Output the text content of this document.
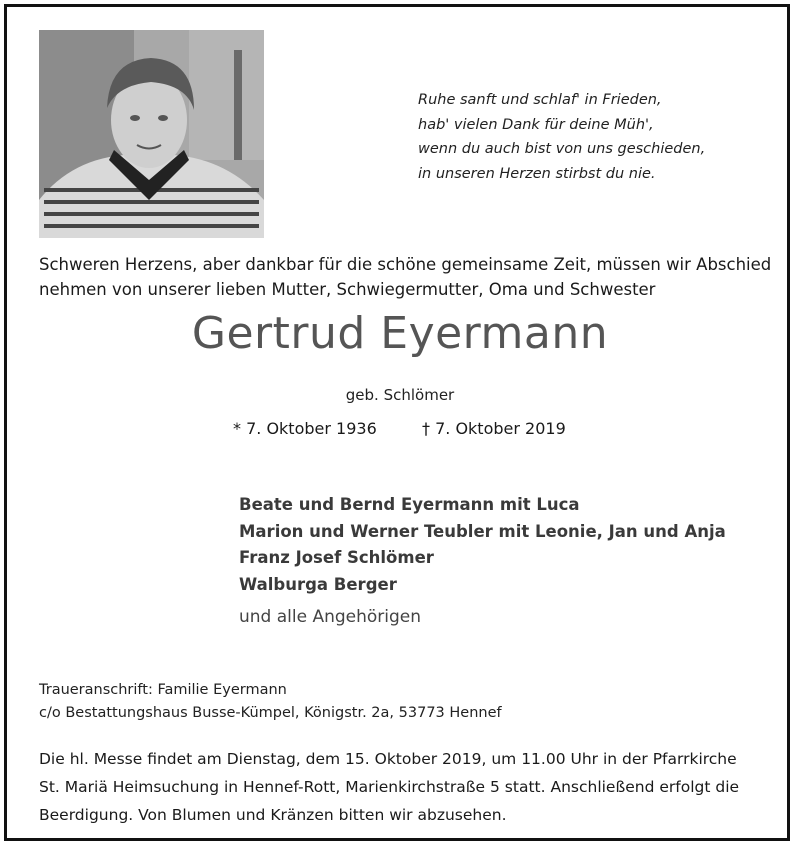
Ruhe sanft und schlaf' in Frieden,
hab' vielen Dank für deine Müh',
wenn du auch bist von uns geschieden,
in unseren Herzen stirbst du nie.
Schweren Herzens, aber dankbar für die schöne gemeinsame Zeit, müssen wir Abschied
nehmen von unserer lieben Mutter, Schwiegermutter, Oma und Schwester
Gertrud Eyermann
geb. Schlömer
* 7. Oktober 1936	† 7. Oktober 2019
Beate und Bernd Eyermann mit Luca
Marion und Werner Teubler mit Leonie, Jan und Anja
Franz Josef Schlömer
Walburga Berger
und alle Angehörigen
Traueranschrift: Familie Eyermann
c/o Bestattungshaus Busse-Kümpel, Königstr. 2a, 53773 Hennef
Die hl. Messe findet am Dienstag, dem 15. Oktober 2019, um 11.00 Uhr in der Pfarrkirche
St. Mariä Heimsuchung in Hennef-Rott, Marienkirchstraße 5 statt. Anschließend erfolgt die
Beerdigung. Von Blumen und Kränzen bitten wir abzusehen.
